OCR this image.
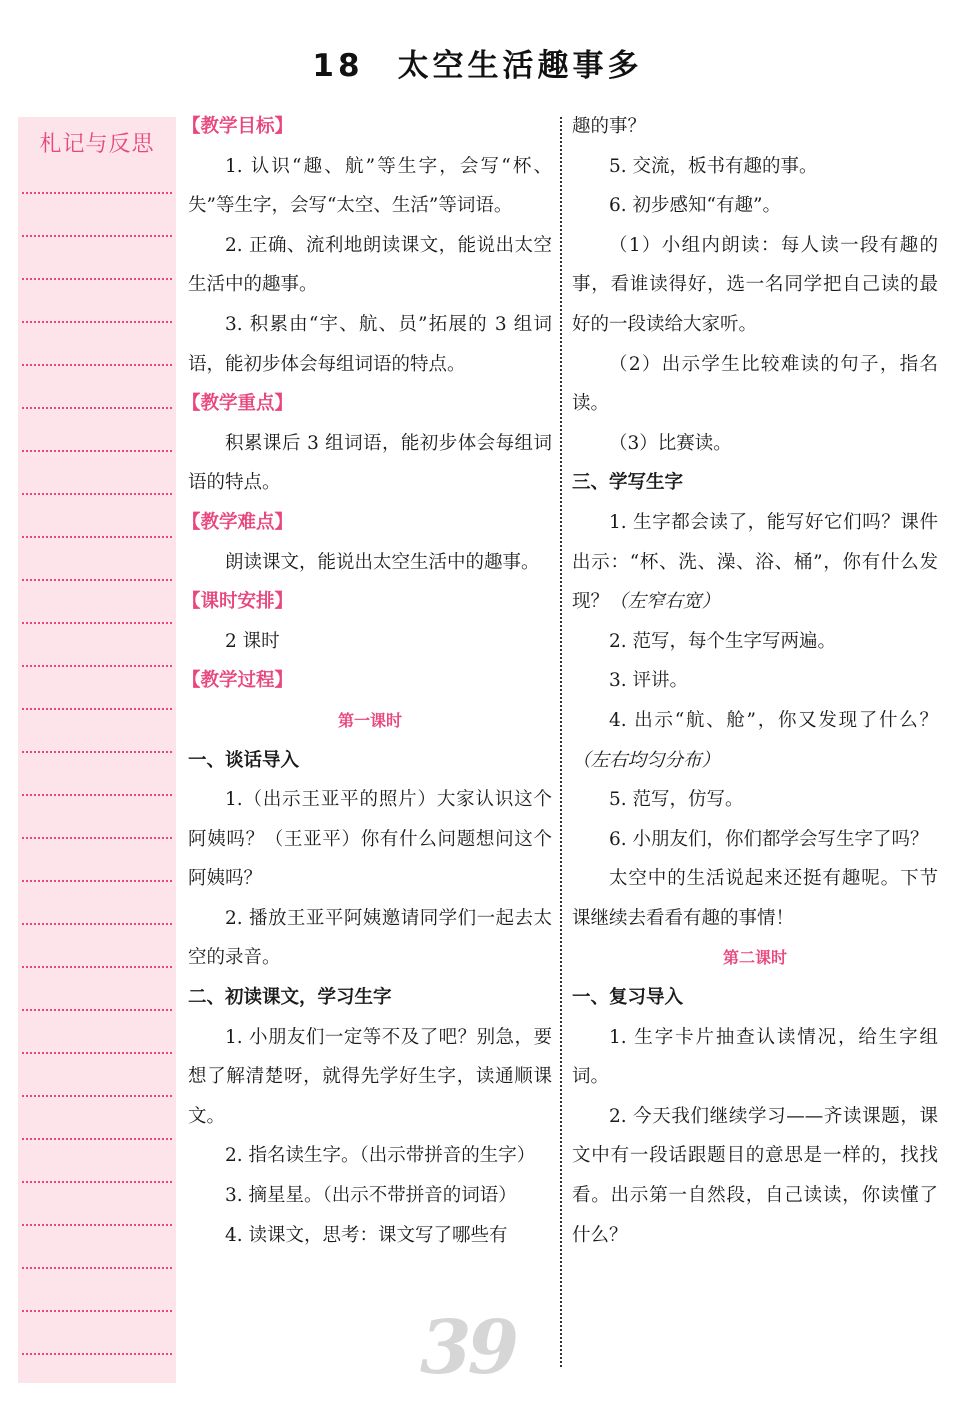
18 太空生活趣事多
札记与反思

【教学目标】

1. 认识“趣、航”等生字，会写“杯、失”等生字，会写“太空、生活”等词语。

2. 正确、流利地朗读课文，能说出太空生活中的趣事。

3. 积累由“宇、航、员”拓展的 3 组词语，能初步体会每组词语的特点。

【教学重点】

积累课后 3 组词语，能初步体会每组词语的特点。

【教学难点】

朗读课文，能说出太空生活中的趣事。

【课时安排】

2 课时

【教学过程】

第一课时

一、谈话导入

1.（出示王亚平的照片）大家认识这个阿姨吗？（王亚平）你有什么问题想问这个阿姨吗？

2. 播放王亚平阿姨邀请同学们一起去太空的录音。

二、初读课文，学习生字

1. 小朋友们一定等不及了吧？别急，要想了解清楚呀，就得先学好生字，读通顺课文。

2. 指名读生字。（出示带拼音的生字）

3. 摘星星。（出示不带拼音的词语）

4. 读课文，思考：课文写了哪些有

趣的事？

5. 交流，板书有趣的事。

6. 初步感知“有趣”。

（1）小组内朗读：每人读一段有趣的事，看谁读得好，选一名同学把自己读的最好的一段读给大家听。

（2）出示学生比较难读的句子，指名读。

（3）比赛读。

三、学写生字

1. 生字都会读了，能写好它们吗？课件出示：“杯、洗、澡、浴、桶”，你有什么发现？（左窄右宽）

2. 范写，每个生字写两遍。

3. 评讲。

4. 出示“航、舱”，你又发现了什么？（左右均匀分布）

5. 范写，仿写。

6. 小朋友们，你们都学会写生字了吗？

太空中的生活说起来还挺有趣呢。下节课继续去看看有趣的事情！

第二课时

一、复习导入

1. 生字卡片抽查认读情况，给生字组词。

2. 今天我们继续学习——齐读课题，课文中有一段话跟题目的意思是一样的，找找看。出示第一自然段，自己读读，你读懂了什么？

39
